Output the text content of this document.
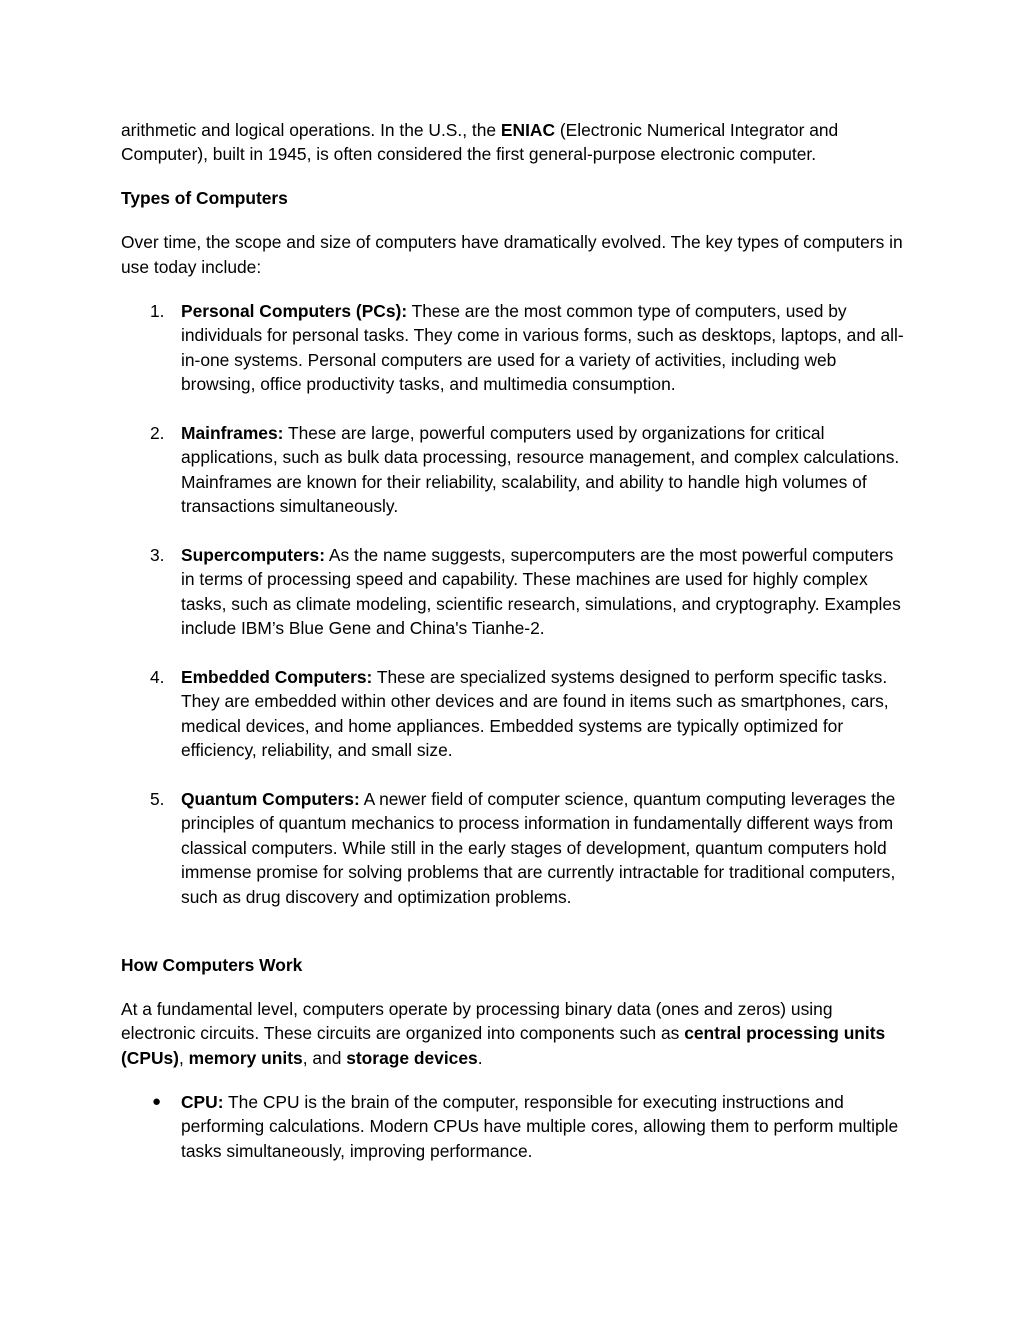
arithmetic and logical operations. In the U.S., the ENIAC (Electronic Numerical Integrator and Computer), built in 1945, is often considered the first general-purpose electronic computer.

Types of Computers

Over time, the scope and size of computers have dramatically evolved. The key types of computers in use today include:

1. Personal Computers (PCs): These are the most common type of computers, used by individuals for personal tasks. They come in various forms, such as desktops, laptops, and all-in-one systems. Personal computers are used for a variety of activities, including web browsing, office productivity tasks, and multimedia consumption.
2. Mainframes: These are large, powerful computers used by organizations for critical applications, such as bulk data processing, resource management, and complex calculations. Mainframes are known for their reliability, scalability, and ability to handle high volumes of transactions simultaneously.
3. Supercomputers: As the name suggests, supercomputers are the most powerful computers in terms of processing speed and capability. These machines are used for highly complex tasks, such as climate modeling, scientific research, simulations, and cryptography. Examples include IBM’s Blue Gene and China's Tianhe-2.
4. Embedded Computers: These are specialized systems designed to perform specific tasks. They are embedded within other devices and are found in items such as smartphones, cars, medical devices, and home appliances. Embedded systems are typically optimized for efficiency, reliability, and small size.
5. Quantum Computers: A newer field of computer science, quantum computing leverages the principles of quantum mechanics to process information in fundamentally different ways from classical computers. While still in the early stages of development, quantum computers hold immense promise for solving problems that are currently intractable for traditional computers, such as drug discovery and optimization problems.

How Computers Work

At a fundamental level, computers operate by processing binary data (ones and zeros) using electronic circuits. These circuits are organized into components such as central processing units (CPUs), memory units, and storage devices.

● CPU: The CPU is the brain of the computer, responsible for executing instructions and performing calculations. Modern CPUs have multiple cores, allowing them to perform multiple tasks simultaneously, improving performance.
